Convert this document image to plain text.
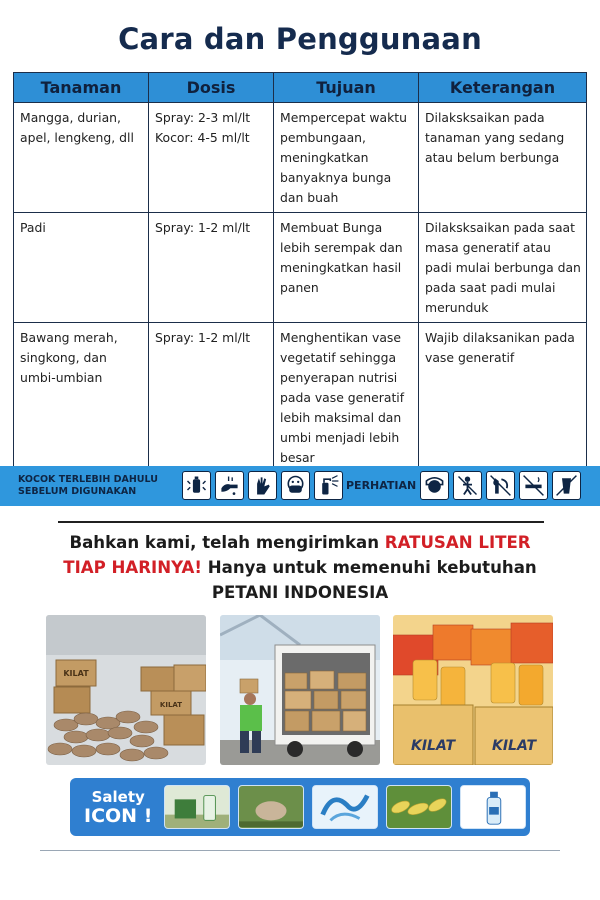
Cara dan Penggunaan
Tanaman	Dosis	Tujuan	Keterangan
Mangga, durian, apel, lengkeng, dll	Spray: 2-3 ml/lt Kocor: 4-5 ml/lt	Mempercepat waktu pembungaan, meningkatkan banyaknya bunga dan buah	Dilaksksaikan pada tanaman yang sedang atau belum berbunga
Padi	Spray: 1-2 ml/lt	Membuat Bunga lebih serempak dan meningkatkan hasil panen	Dilaksksaikan pada saat masa generatif atau padi mulai berbunga dan pada saat padi mulai merunduk
Bawang merah, singkong, dan umbi-umbian	Spray: 1-2 ml/lt	Menghentikan vase vegetatif sehingga penyerapan nutrisi pada vase generatif lebih maksimal dan umbi menjadi lebih besar	Wajib dilaksanikan pada vase generatif
KOCOK TERLEBIH DAHULU
SEBELUM DIGUNAKAN	PERHATIAN
Bahkan kami, telah mengirimkan RATUSAN LITER
TIAP HARINYA! Hanya untuk memenuhi kebutuhan
PETANI INDONESIA
KILAT
KILAT
KILAT	KILAT
Salety
ICON !
